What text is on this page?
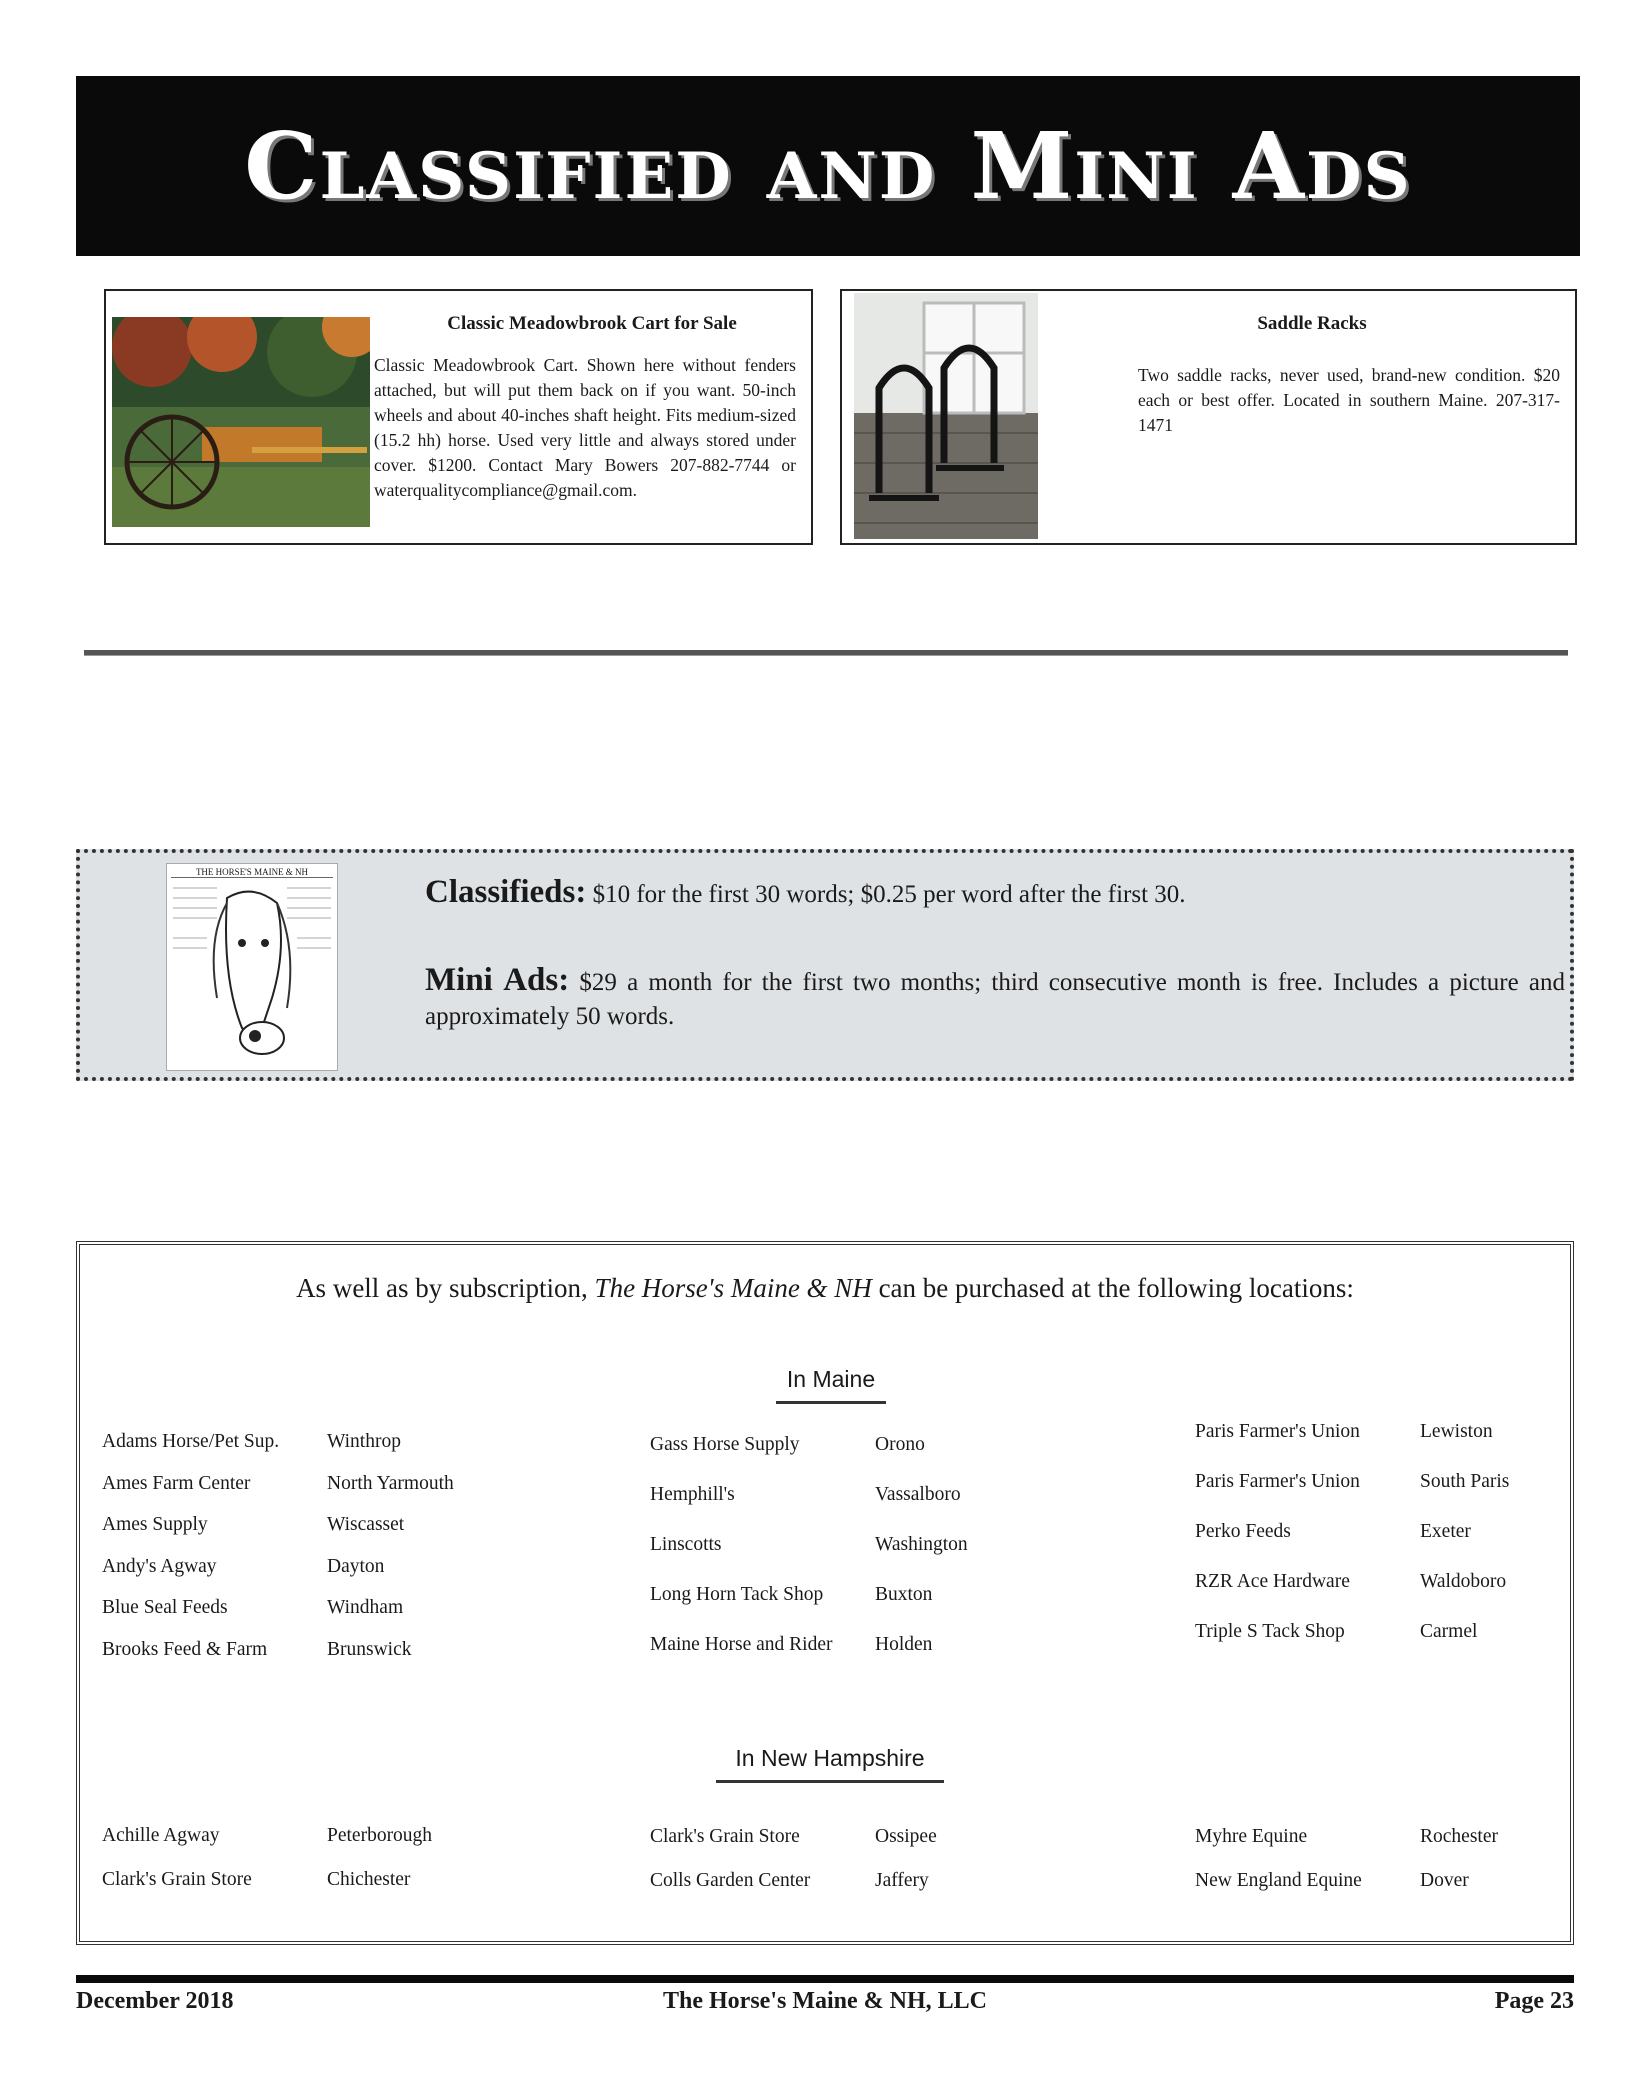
Classified and Mini Ads
Classic Meadowbrook Cart for Sale
Classic Meadowbrook Cart. Shown here without fenders attached, but will put them back on if you want. 50-inch wheels and about 40-inches shaft height. Fits medium-sized (15.2 hh) horse. Used very little and always stored under cover. $1200. Contact Mary Bowers 207-882-7744 or waterqualitycompliance@gmail.com.
Saddle Racks
Two saddle racks, never used, brand-new condition. $20 each or best offer. Located in southern Maine. 207-317-1471
THE HORSE'S MAINE & NH
Classifieds: $10 for the first 30 words; $0.25 per word after the first 30.
Mini Ads: $29 a month for the first two months; third consecutive month is free. Includes a picture and approximately 50 words.
As well as by subscription, The Horse's Maine & NH can be purchased at the following locations:
In Maine
Adams Horse/Pet Sup.	Winthrop
Ames Farm Center	North Yarmouth
Ames Supply	Wiscasset
Andy's Agway	Dayton
Blue Seal Feeds	Windham
Brooks Feed & Farm	Brunswick
Gass Horse Supply	Orono
Hemphill's	Vassalboro
Linscotts	Washington
Long Horn Tack Shop	Buxton
Maine Horse and Rider	Holden
Paris Farmer's Union	Lewiston
Paris Farmer's Union	South Paris
Perko Feeds	Exeter
RZR Ace Hardware	Waldoboro
Triple S Tack Shop	Carmel
In New Hampshire
Achille Agway	Peterborough
Clark's Grain Store	Chichester
Clark's Grain Store	Ossipee
Colls Garden Center	Jaffery
Myhre Equine	Rochester
New England Equine	Dover
December 2018	The Horse's Maine & NH, LLC	Page 23
